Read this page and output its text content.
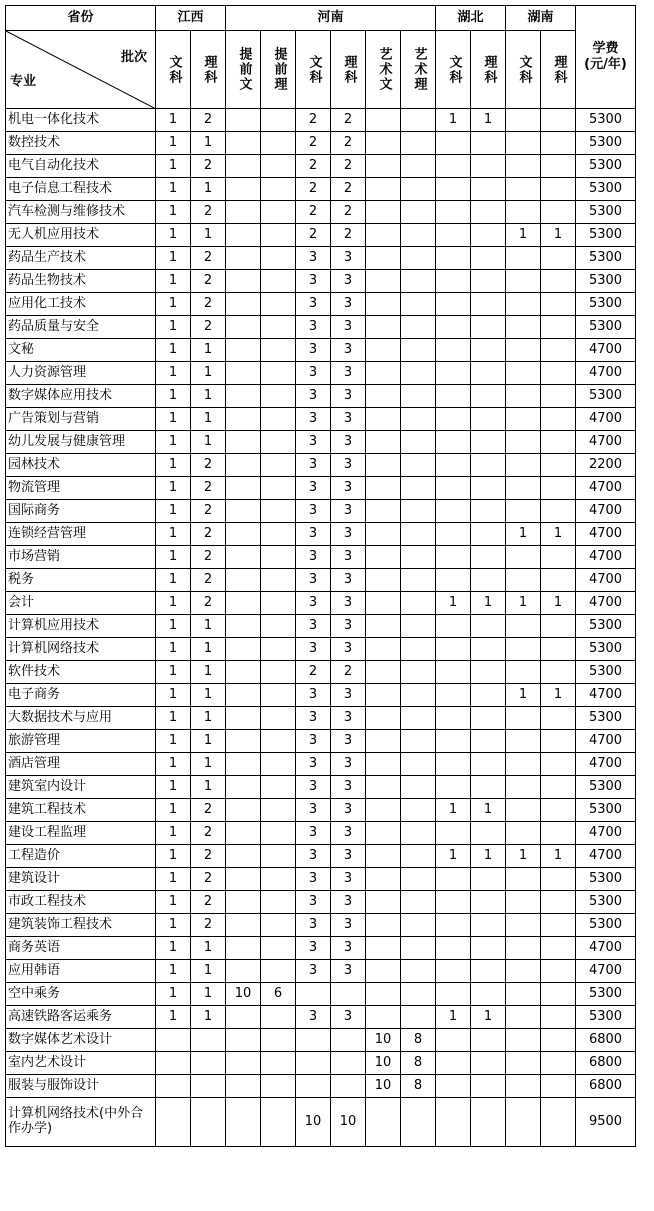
省份	江西		河南						湖北		湖南		学费(元/年)

批次
专业	文科	理科	提前文	提前理	文科	理科	艺术文	艺术理	文科	理科	文科	理科	

机电一体化技术	1	2			2	2			1	1			5300
数控技术	1	1			2	2							5300
电气自动化技术	1	2			2	2							5300
电子信息工程技术	1	1			2	2							5300
汽车检测与维修技术	1	2			2	2							5300
无人机应用技术	1	1			2	2					1	1	5300
药品生产技术	1	2			3	3							5300
药品生物技术	1	2			3	3							5300
应用化工技术	1	2			3	3							5300
药品质量与安全	1	2			3	3							5300
文秘	1	1			3	3							4700
人力资源管理	1	1			3	3							4700
数字媒体应用技术	1	1			3	3							5300
广告策划与营销	1	1			3	3							4700
幼儿发展与健康管理	1	1			3	3							4700
园林技术	1	2			3	3							2200
物流管理	1	2			3	3							4700
国际商务	1	2			3	3							4700
连锁经营管理	1	2			3	3					1	1	4700
市场营销	1	2			3	3							4700
税务	1	2			3	3							4700
会计	1	2			3	3			1	1	1	1	4700
计算机应用技术	1	1			3	3							5300
计算机网络技术	1	1			3	3							5300
软件技术	1	1			2	2							5300
电子商务	1	1			3	3					1	1	4700
大数据技术与应用	1	1			3	3							5300
旅游管理	1	1			3	3							4700
酒店管理	1	1			3	3							4700
建筑室内设计	1	1			3	3							5300
建筑工程技术	1	2			3	3			1	1			5300
建设工程监理	1	2			3	3							4700
工程造价	1	2			3	3			1	1	1	1	4700
建筑设计	1	2			3	3							5300
市政工程技术	1	2			3	3							5300
建筑装饰工程技术	1	2			3	3							5300
商务英语	1	1			3	3							4700
应用韩语	1	1			3	3							4700
空中乘务	1	1	10	6									5300
高速铁路客运乘务	1	1			3	3			1	1			5300
数字媒体艺术设计							10	8					6800
室内艺术设计							10	8					6800
服装与服饰设计							10	8					6800
计算机网络技术(中外合作办学)					10	10							9500
